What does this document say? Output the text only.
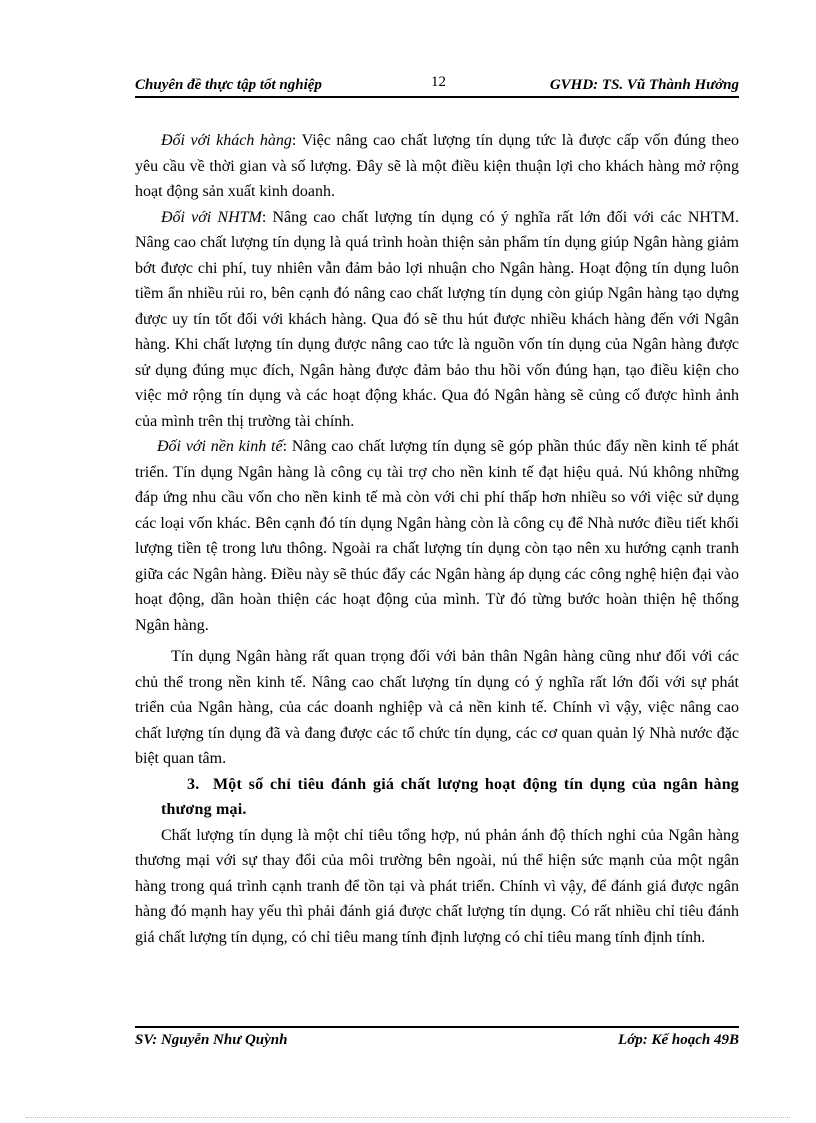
Chuyên đề thực tập tốt nghiệp	12	GVHD: TS. Vũ Thành Hưởng

Đối với khách hàng: Việc nâng cao chất lượng tín dụng tức là được cấp vốn đúng theo yêu cầu về thời gian và số lượng. Đây sẽ là một điều kiện thuận lợi cho khách hàng mở rộng hoạt động sản xuất kinh doanh.

Đối với NHTM: Nâng cao chất lượng tín dụng có ý nghĩa rất lớn đối với các NHTM. Nâng cao chất lượng tín dụng là quá trình hoàn thiện sản phẩm tín dụng giúp Ngân hàng giảm bớt được chi phí, tuy nhiên vẫn đảm bảo lợi nhuận cho Ngân hàng. Hoạt động tín dụng luôn tiềm ẩn nhiều rủi ro, bên cạnh đó nâng cao chất lượng tín dụng còn giúp Ngân hàng tạo dựng được uy tín tốt đối với khách hàng. Qua đó sẽ thu hút được nhiều khách hàng đến với Ngân hàng. Khi chất lượng tín dụng được nâng cao tức là nguồn vốn tín dụng của Ngân hàng được sử dụng đúng mục đích, Ngân hàng được đảm bảo thu hồi vốn đúng hạn, tạo điều kiện cho việc mở rộng tín dụng và các hoạt động khác. Qua đó Ngân hàng sẽ củng cố được hình ảnh của mình trên thị trường tài chính.

Đối với nền kinh tế: Nâng cao chất lượng tín dụng sẽ góp phần thúc đẩy nền kinh tế phát triển. Tín dụng Ngân hàng là công cụ tài trợ cho nền kinh tế đạt hiệu quả. Nú không những đáp ứng nhu cầu vốn cho nền kinh tế mà còn với chi phí thấp hơn nhiều so với việc sử dụng các loại vốn khác. Bên cạnh đó tín dụng Ngân hàng còn là công cụ để Nhà nước điều tiết khối lượng tiền tệ trong lưu thông. Ngoài ra chất lượng tín dụng còn tạo nên xu hướng cạnh tranh giữa các Ngân hàng. Điều này sẽ thúc đẩy các Ngân hàng áp dụng các công nghệ hiện đại vào hoạt động, dần hoàn thiện các hoạt động của mình. Từ đó từng bước hoàn thiện hệ thống Ngân hàng.

Tín dụng Ngân hàng rất quan trọng đối với bản thân Ngân hàng cũng như đối với các chủ thể trong nền kinh tế. Nâng cao chất lượng tín dụng có ý nghĩa rất lớn đối với sự phát triển của Ngân hàng, của các doanh nghiệp và cả nền kinh tế. Chính vì vậy, việc nâng cao chất lượng tín dụng đã và đang được các tổ chức tín dụng, các cơ quan quản lý Nhà nước đặc biệt quan tâm.

3. Một số chỉ tiêu đánh giá chất lượng hoạt động tín dụng của ngân hàng thương mại.

Chất lượng tín dụng là một chỉ tiêu tổng hợp, nú phản ánh độ thích nghi của Ngân hàng thương mại với sự thay đổi của môi trường bên ngoài, nú thể hiện sức mạnh của một ngân hàng trong quá trình cạnh tranh để tồn tại và phát triển. Chính vì vậy, để đánh giá được ngân hàng đó mạnh hay yếu thì phải đánh giá được chất lượng tín dụng. Có rất nhiều chỉ tiêu đánh giá chất lượng tín dụng, có chỉ tiêu mang tính định lượng có chỉ tiêu mang tính định tính.

SV: Nguyễn Như Quỳnh	Lớp: Kế hoạch 49B
